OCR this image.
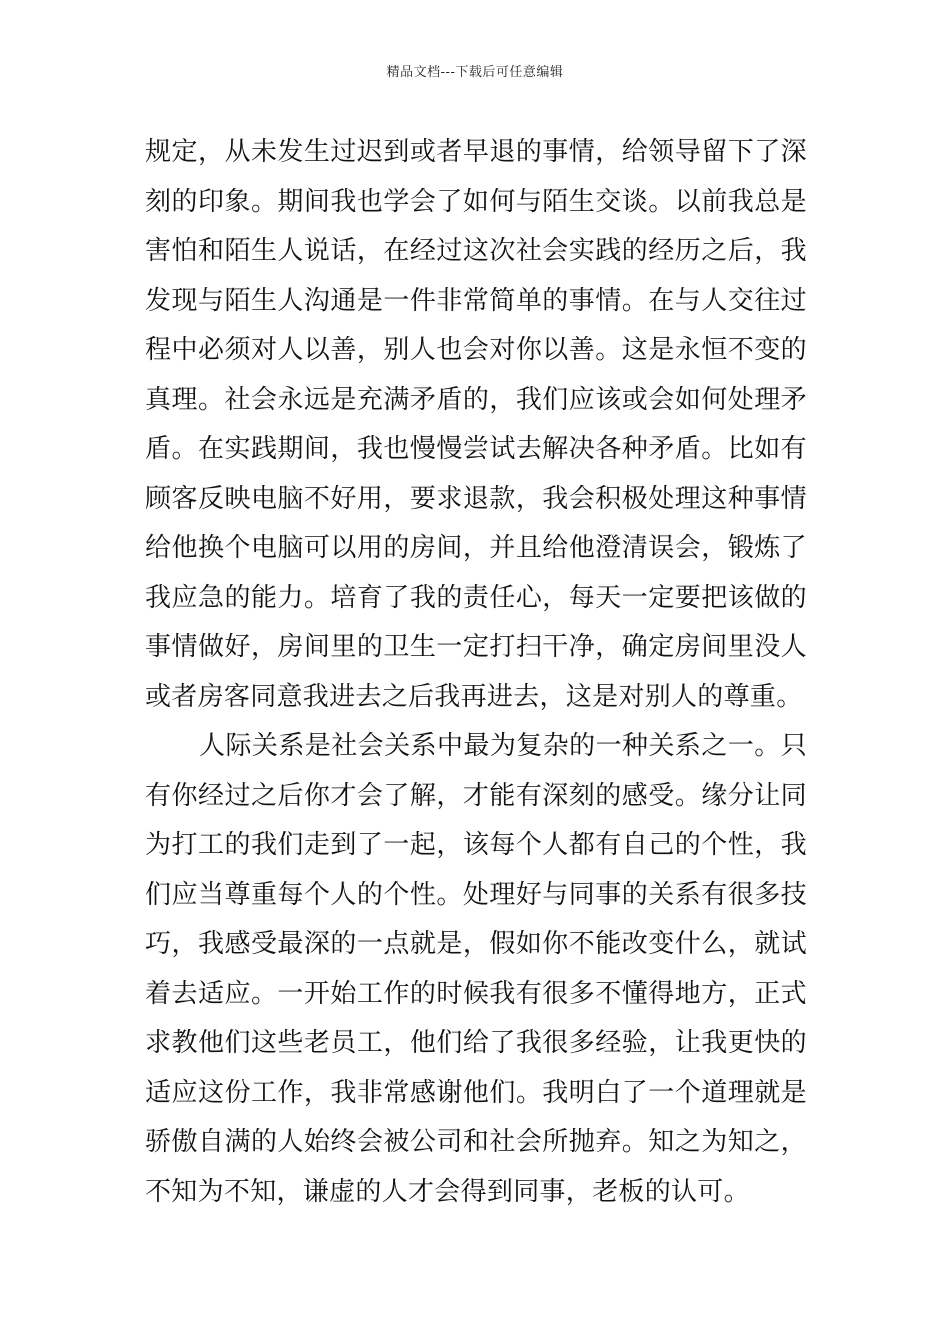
精品文档---下载后可任意编辑
规定，从未发生过迟到或者早退的事情，给领导留下了深
刻的印象。期间我也学会了如何与陌生交谈。以前我总是
害怕和陌生人说话，在经过这次社会实践的经历之后，我
发现与陌生人沟通是一件非常简单的事情。在与人交往过
程中必须对人以善，别人也会对你以善。这是永恒不变的
真理。社会永远是充满矛盾的，我们应该或会如何处理矛
盾。在实践期间，我也慢慢尝试去解决各种矛盾。比如有
顾客反映电脑不好用，要求退款，我会积极处理这种事情
给他换个电脑可以用的房间，并且给他澄清误会，锻炼了
我应急的能力。培育了我的责任心，每天一定要把该做的
事情做好，房间里的卫生一定打扫干净，确定房间里没人
或者房客同意我进去之后我再进去，这是对别人的尊重。
人际关系是社会关系中最为复杂的一种关系之一。只
有你经过之后你才会了解，才能有深刻的感受。缘分让同
为打工的我们走到了一起，该每个人都有自己的个性，我
们应当尊重每个人的个性。处理好与同事的关系有很多技
巧，我感受最深的一点就是，假如你不能改变什么，就试
着去适应。一开始工作的时候我有很多不懂得地方，正式
求教他们这些老员工，他们给了我很多经验，让我更快的
适应这份工作，我非常感谢他们。我明白了一个道理就是
骄傲自满的人始终会被公司和社会所抛弃。知之为知之，
不知为不知，谦虚的人才会得到同事，老板的认可。
